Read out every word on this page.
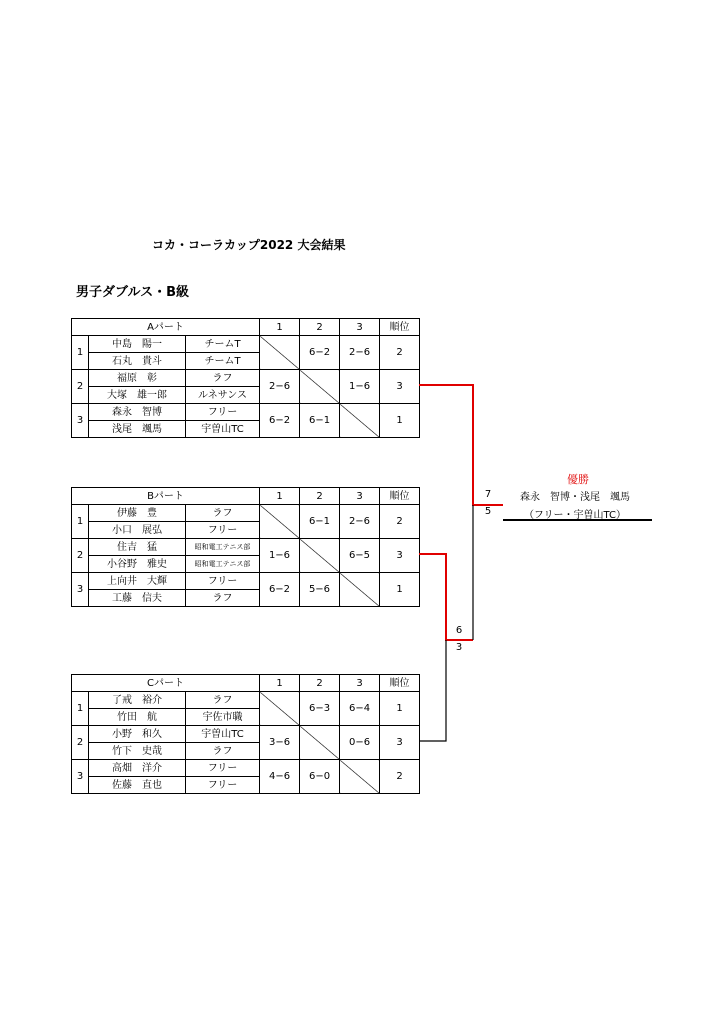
コカ・コーラカップ2022 大会結果
男子ダブルス・B級
Aパート			1	2	3	順位
1	中島　陽一	チームT		6−2	2−6	2
	石丸　貴斗	チームT				
2	福原　彰	ラフ	2−6		1−6	3
	大塚　雄一郎	ルネサンス				
3	森永　智博	フリー	6−2	6−1		1
	浅尾　颯馬	宇曽山TC				
Bパート			1	2	3	順位
1	伊藤　豊	ラフ		6−1	2−6	2
	小口　展弘	フリー				
2	住吉　猛	昭和電工テニス部	1−6		6−5	3
	小谷野　雅史	昭和電工テニス部				
3	上向井　大輝	フリー	6−2	5−6		1
	工藤　信夫	ラフ				
Cパート			1	2	3	順位
1	了戒　裕介	ラフ		6−3	6−4	1
	竹田　航	宇佐市職				
2	小野　和久	宇曽山TC	3−6		0−6	3
	竹下　史哉	ラフ				
3	高畑　洋介	フリー	4−6	6−0		2
	佐藤　直也	フリー				
6
3
7
5
優勝
森永　智博・浅尾　颯馬
（フリー・宇曽山TC）
